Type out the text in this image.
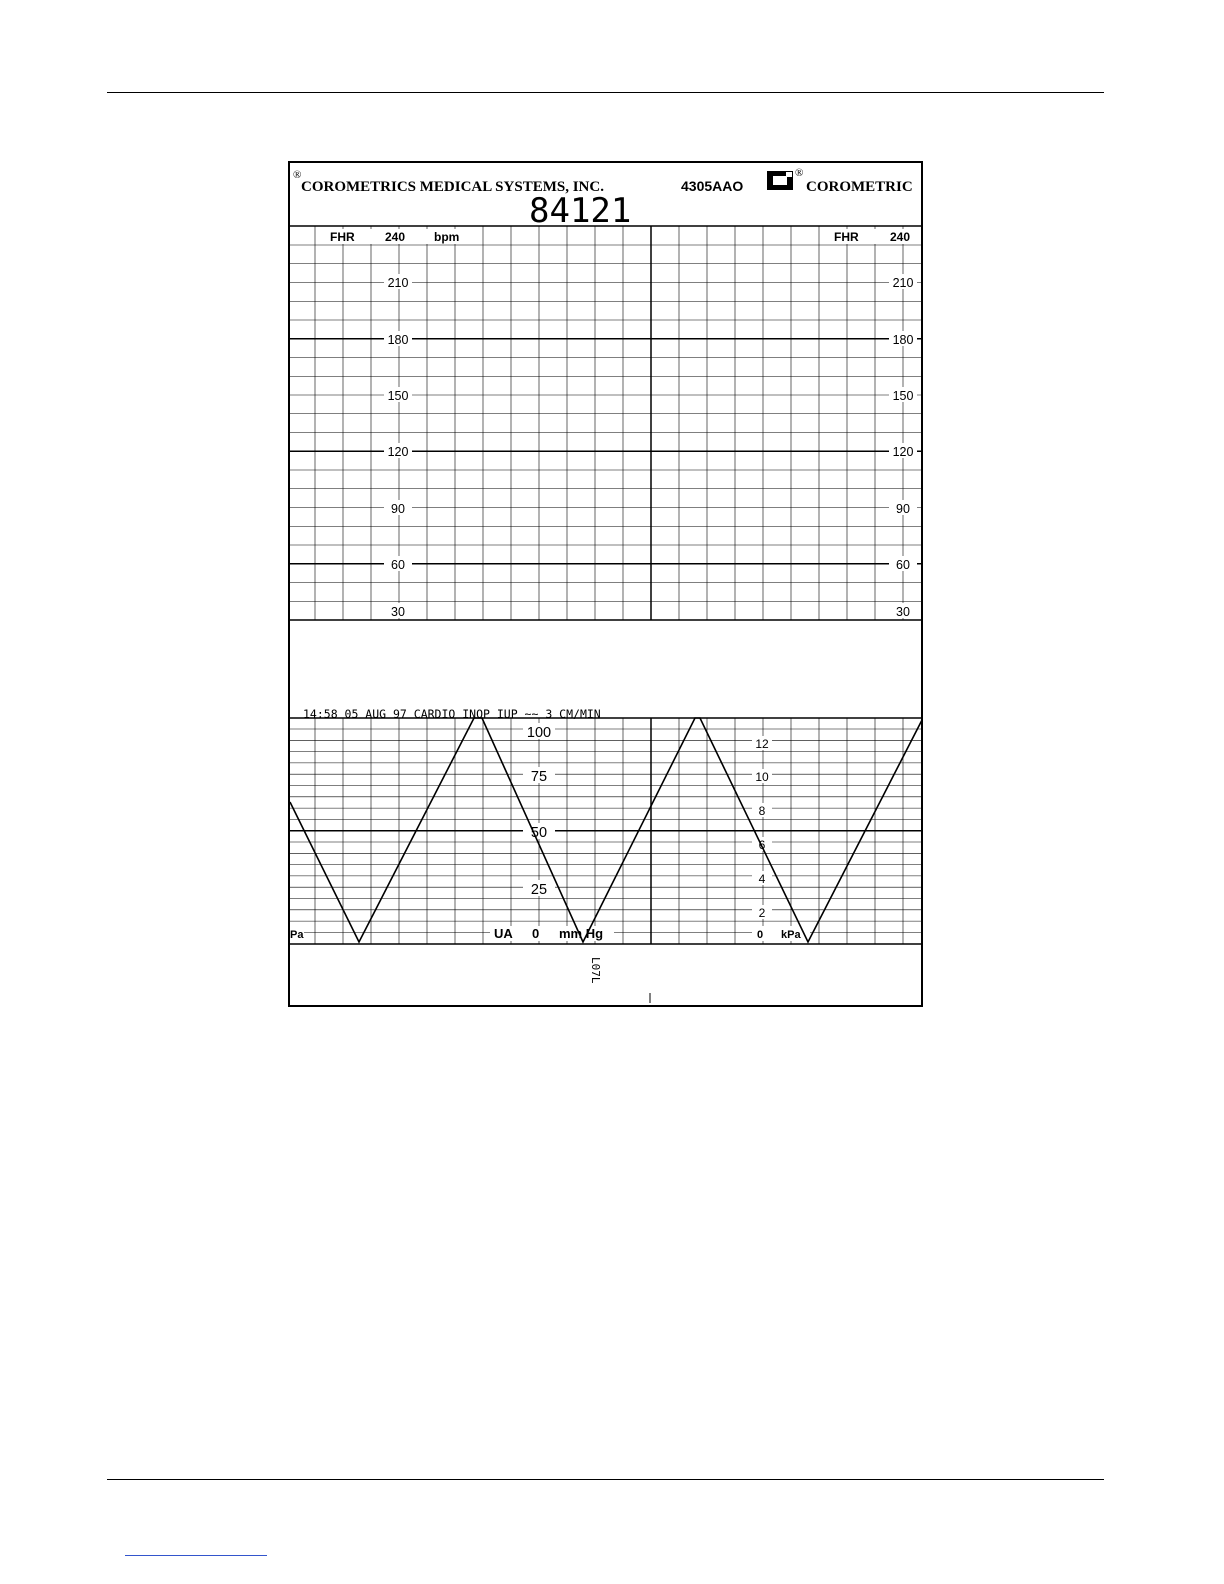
®
COROMETRICS MEDICAL SYSTEMS, INC.	4305AAO
®
COROMETRIC
84121
FHR	240 bpm	FHR	240
210
180
150
120
90
60
30
210
180
150
120
90
60
30
14:58 05 AUG 97 CARDIO INOP IUP ~~ 3 CM/MIN
100
75
50
25
12
10
8
6
4
2
UA 0 mm Hg	0 kPa
Pa
L07L
